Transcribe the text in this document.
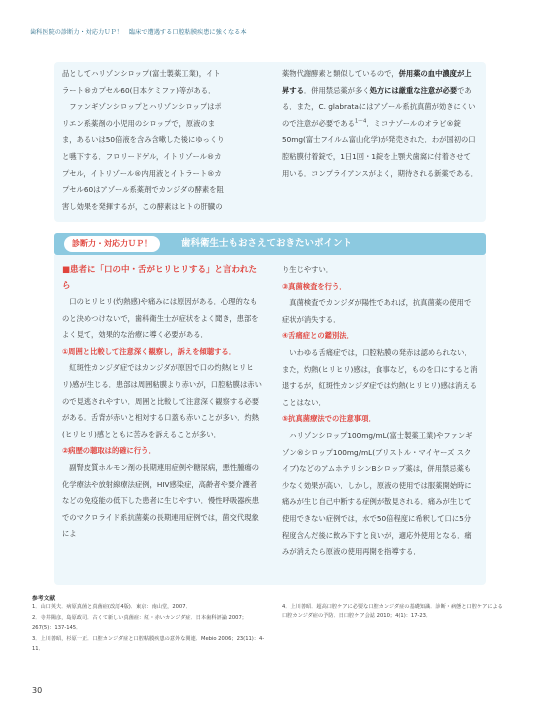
歯科医院の診断力・対応力ＵＰ！　臨床で遭遇する口腔粘膜疾患に強くなる本

品としてハリゾンシロップ(富士製薬工業)，イト

ラート®カプセル60(日本ケミファ)等がある．

　ファンギゾンシロップとハリゾンシロップはポ

リエン系薬剤の小児用のシロップで，原液のま

ま，あるいは50倍液を含み含嗽した後にゆっくり

と嚥下する．フロリードゲル，イトリゾール®カ

プセル，イトリゾール®内用液とイトラート®カ

プセル60はアゾール系薬剤でカンジダの酵素を阻

害し効果を発揮するが，この酵素はヒトの肝臓の

薬物代謝酵素と類似しているので，併用薬の血中濃度が上昇する．併用禁忌薬が多く処方には厳重な注意が必要である．また，C. glabrataにはアゾール系抗真菌が効きにくいので注意が必要である$^{1\sim 4}$．ミコナゾールのオラビ®錠50mg(富士フイルム富山化学)が発売された．わが国初の口腔粘膜付着錠で，1日1回・1錠を上顎犬歯窩に付着させて用いる．コンプライアンスがよく，期待される新薬である．

診断力・対応力ＵＰ！	歯科衛生士もおさえておきたいポイント

■患者に「口の中・舌がヒリヒリする」と言われたら

　口のヒリヒリ(灼熱感)や痛みには原因がある．心理的なものと決めつけないで，歯科衛生士が症状をよく聞き，患部をよく見て，効果的な治療に導く必要がある．

①周囲と比較して注意深く観察し，訴えを傾聴する．

　紅斑性カンジダ症ではカンジダが原因で口の灼熱(ヒリヒリ)感が生じる．患部は周囲粘膜より赤いが，口腔粘膜は赤いので見逃されやすい．周囲と比較して注意深く観察する必要がある．舌背が赤いと相対する口蓋も赤いことが多い．灼熱(ヒリヒリ)感とともに苦みを訴えることが多い．

②病歴の聴取は的確に行う．

　副腎皮質ホルモン剤の長期連用症例や糖尿病，悪性腫瘍の化学療法や放射線療法症例，HIV感染症，高齢者や要介護者などの免疫能の低下した患者に生じやすい．慢性呼吸器疾患でのマクロライド系抗菌薬の長期連用症例では，菌交代現象によ

り生じやすい．

③真菌検査を行う．

　真菌検査でカンジダが陽性であれば，抗真菌薬の使用で症状が消失する．

④舌痛症との鑑別法．

　いわゆる舌痛症では，口腔粘膜の発赤は認められない．また，灼熱(ヒリヒリ)感は，食事など，ものを口にすると消退するが，紅斑性カンジダ症では灼熱(ヒリヒリ)感は消えることはない．

⑤抗真菌療法での注意事項．

　ハリゾンシロップ100mg/mL(富士製薬工業)やファンギゾン®シロップ100mg/mL(ブリストル・マイヤーズ スクイブ)などのアムホテリシンBシロップ薬は，併用禁忌薬も少なく効果が高い．しかし，原液の使用では服薬開始時に痛みが生じ自己中断する症例が散見される．痛みが生じて使用できない症例では，水で50倍程度に希釈して口に5分程度含んだ後に飲み下すと良いが，適応外使用となる．痛みが消えたら原液の使用再開を指導する．

参考文献

1．山口英夫．病原真菌と真菌症(改訂4版)．東京：南山堂，2007．

2．寺井陽彦，島原政司．古くて新しい真菌症：紅・赤いカンジダ症．日本歯科評論 2007；267(5)：137-145．

3．上川善昭，杉原一正．口腔カンジダ症と口腔粘膜疾患の意外な関連．Mebio 2006；23(11)：4-11．

4．上川善昭．超高口腔ケアに必要な口腔カンジダ症の基礎知識．診断・病態と口腔ケアによる口腔カンジダ症の予防．日口腔ケア会誌 2010；4(1)：17-23．

30
